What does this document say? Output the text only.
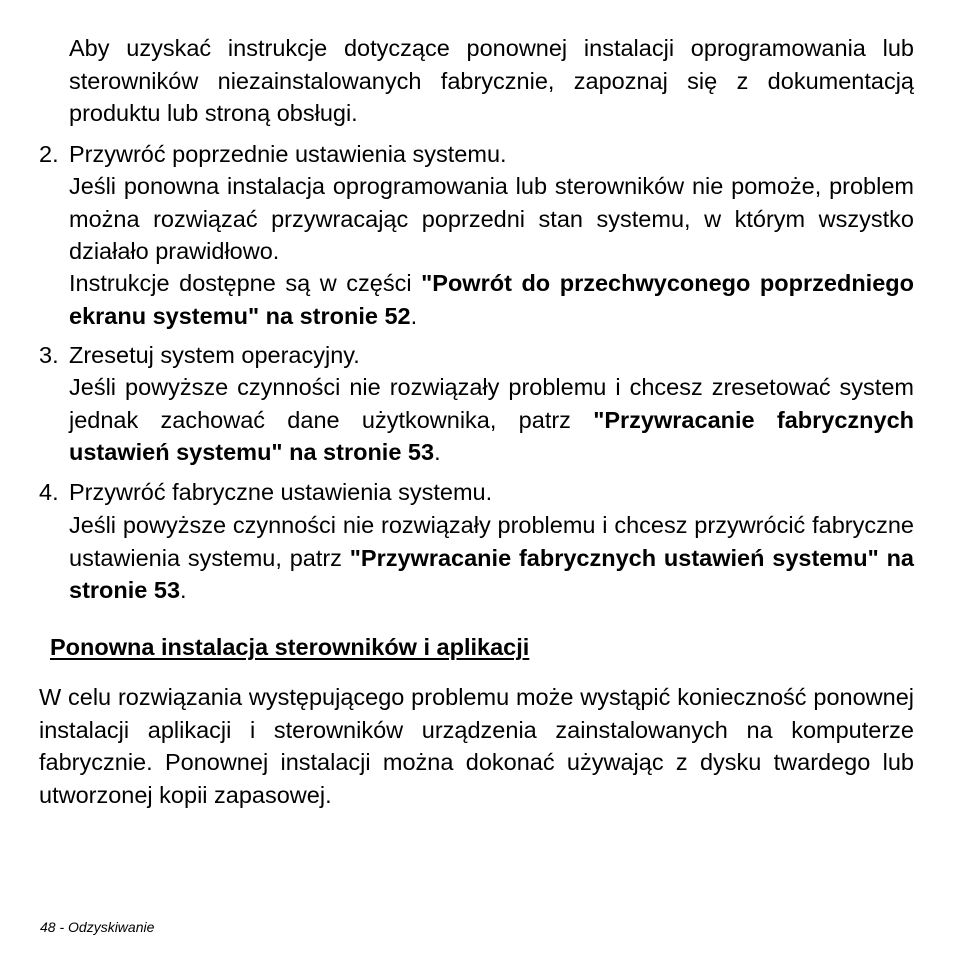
Aby uzyskać instrukcje dotyczące ponownej instalacji oprogramowania lub sterowników niezainstalowanych fabrycznie, zapoznaj się z dokumentacją produktu lub stroną obsługi.
2. Przywróć poprzednie ustawienia systemu.
Jeśli ponowna instalacja oprogramowania lub sterowników nie pomoże, problem można rozwiązać przywracając poprzedni stan systemu, w którym wszystko działało prawidłowo.
Instrukcje dostępne są w części "Powrót do przechwyconego poprzedniego ekranu systemu" na stronie 52.
3. Zresetuj system operacyjny.
Jeśli powyższe czynności nie rozwiązały problemu i chcesz zresetować system jednak zachować dane użytkownika, patrz "Przywracanie fabrycznych ustawień systemu" na stronie 53.
4. Przywróć fabryczne ustawienia systemu.
Jeśli powyższe czynności nie rozwiązały problemu i chcesz przywrócić fabryczne ustawienia systemu, patrz "Przywracanie fabrycznych ustawień systemu" na stronie 53.
Ponowna instalacja sterowników i aplikacji
W celu rozwiązania występującego problemu może wystąpić konieczność ponownej instalacji aplikacji i sterowników urządzenia zainstalowanych na komputerze fabrycznie. Ponownej instalacji można dokonać używając z dysku twardego lub utworzonej kopii zapasowej.
48 - Odzyskiwanie
